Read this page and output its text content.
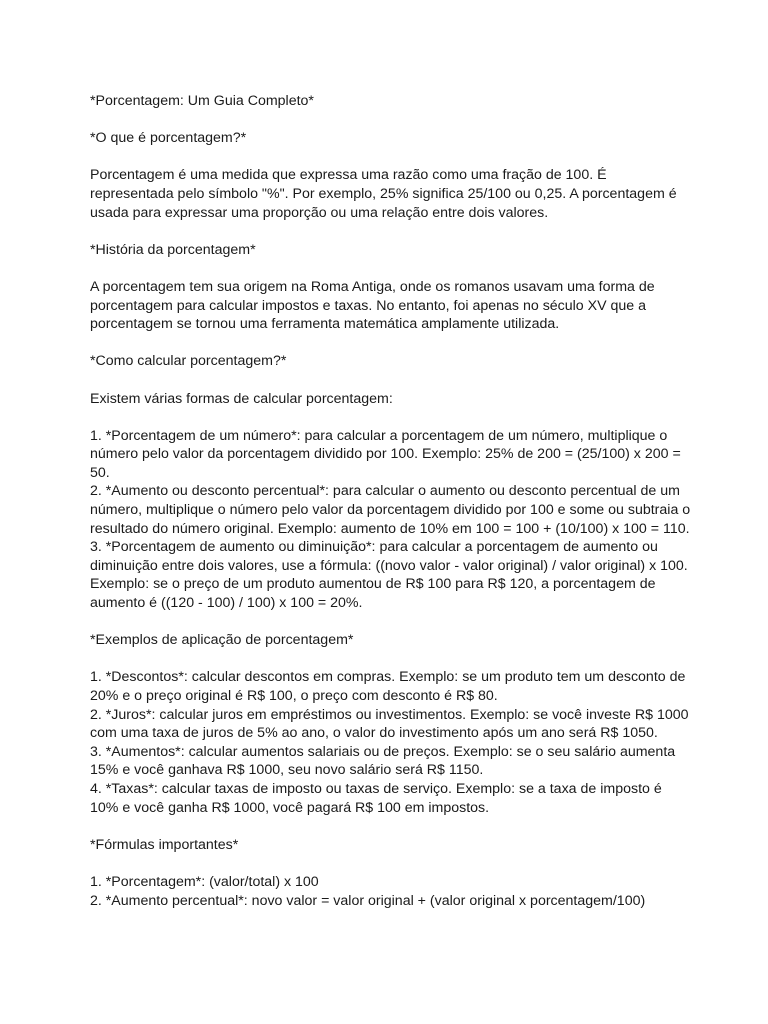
*Porcentagem: Um Guia Completo*
*O que é porcentagem?*
Porcentagem é uma medida que expressa uma razão como uma fração de 100. É
representada pelo símbolo "%". Por exemplo, 25% significa 25/100 ou 0,25. A porcentagem é
usada para expressar uma proporção ou uma relação entre dois valores.
*História da porcentagem*
A porcentagem tem sua origem na Roma Antiga, onde os romanos usavam uma forma de
porcentagem para calcular impostos e taxas. No entanto, foi apenas no século XV que a
porcentagem se tornou uma ferramenta matemática amplamente utilizada.
*Como calcular porcentagem?*
Existem várias formas de calcular porcentagem:
1. *Porcentagem de um número*: para calcular a porcentagem de um número, multiplique o
número pelo valor da porcentagem dividido por 100. Exemplo: 25% de 200 = (25/100) x 200 =
50.
2. *Aumento ou desconto percentual*: para calcular o aumento ou desconto percentual de um
número, multiplique o número pelo valor da porcentagem dividido por 100 e some ou subtraia o
resultado do número original. Exemplo: aumento de 10% em 100 = 100 + (10/100) x 100 = 110.
3. *Porcentagem de aumento ou diminuição*: para calcular a porcentagem de aumento ou
diminuição entre dois valores, use a fórmula: ((novo valor - valor original) / valor original) x 100.
Exemplo: se o preço de um produto aumentou de R$ 100 para R$ 120, a porcentagem de
aumento é ((120 - 100) / 100) x 100 = 20%.
*Exemplos de aplicação de porcentagem*
1. *Descontos*: calcular descontos em compras. Exemplo: se um produto tem um desconto de
20% e o preço original é R$ 100, o preço com desconto é R$ 80.
2. *Juros*: calcular juros em empréstimos ou investimentos. Exemplo: se você investe R$ 1000
com uma taxa de juros de 5% ao ano, o valor do investimento após um ano será R$ 1050.
3. *Aumentos*: calcular aumentos salariais ou de preços. Exemplo: se o seu salário aumenta
15% e você ganhava R$ 1000, seu novo salário será R$ 1150.
4. *Taxas*: calcular taxas de imposto ou taxas de serviço. Exemplo: se a taxa de imposto é
10% e você ganha R$ 1000, você pagará R$ 100 em impostos.
*Fórmulas importantes*
1. *Porcentagem*: (valor/total) x 100
2. *Aumento percentual*: novo valor = valor original + (valor original x porcentagem/100)
